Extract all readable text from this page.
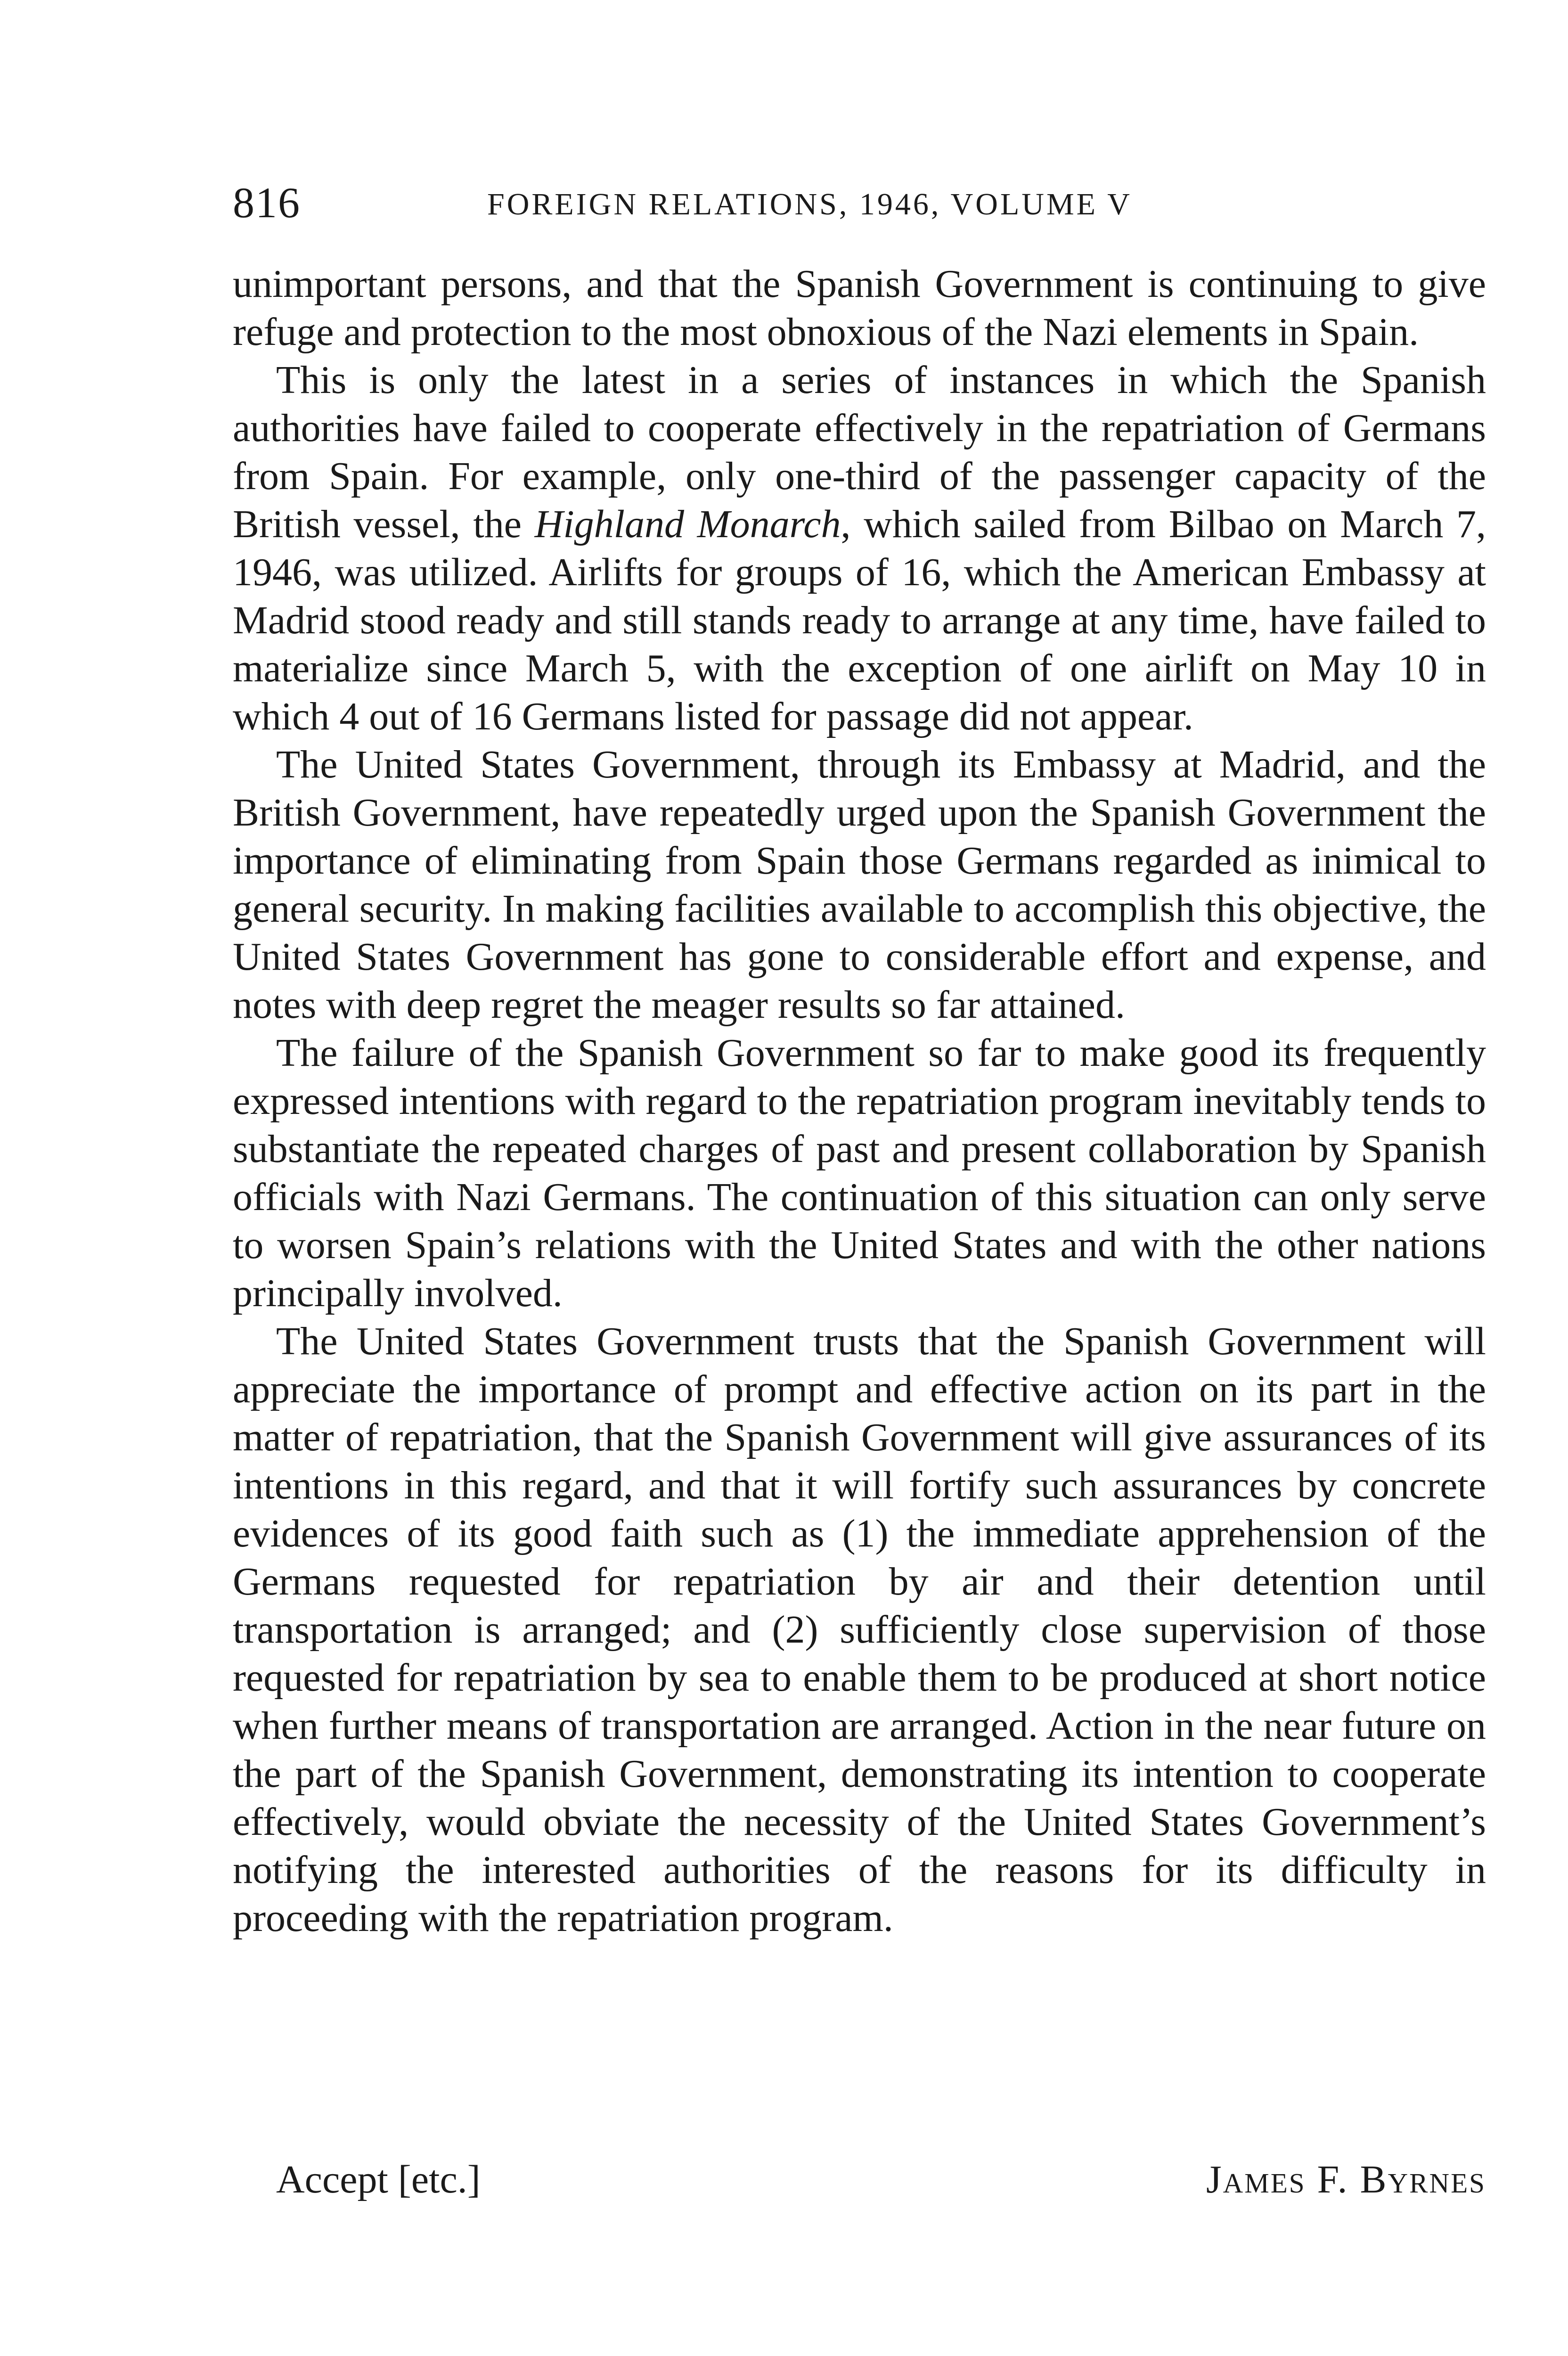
816	FOREIGN RELATIONS, 1946, VOLUME V

unimportant persons, and that the Spanish Government is continuing to give refuge and protection to the most obnoxious of the Nazi elements in Spain.

This is only the latest in a series of instances in which the Spanish authorities have failed to cooperate effectively in the repatriation of Germans from Spain. For example, only one-third of the passenger capacity of the British vessel, the Highland Monarch, which sailed from Bilbao on March 7, 1946, was utilized. Airlifts for groups of 16, which the American Embassy at Madrid stood ready and still stands ready to arrange at any time, have failed to materialize since March 5, with the exception of one airlift on May 10 in which 4 out of 16 Germans listed for passage did not appear.

The United States Government, through its Embassy at Madrid, and the British Government, have repeatedly urged upon the Spanish Government the importance of eliminating from Spain those Germans regarded as inimical to general security. In making facilities available to accomplish this objective, the United States Government has gone to considerable effort and expense, and notes with deep regret the meager results so far attained.

The failure of the Spanish Government so far to make good its frequently expressed intentions with regard to the repatriation program inevitably tends to substantiate the repeated charges of past and present collaboration by Spanish officials with Nazi Germans. The continuation of this situation can only serve to worsen Spain’s relations with the United States and with the other nations principally involved.

The United States Government trusts that the Spanish Government will appreciate the importance of prompt and effective action on its part in the matter of repatriation, that the Spanish Government will give assurances of its intentions in this regard, and that it will fortify such assurances by concrete evidences of its good faith such as (1) the immediate apprehension of the Germans requested for repatriation by air and their detention until transportation is arranged; and (2) sufficiently close supervision of those requested for repatriation by sea to enable them to be produced at short notice when further means of transportation are arranged. Action in the near future on the part of the Spanish Government, demonstrating its intention to cooperate effectively, would obviate the necessity of the United States Government’s notifying the interested authorities of the reasons for its difficulty in proceeding with the repatriation program.

Accept [etc.]	James F. Byrnes
